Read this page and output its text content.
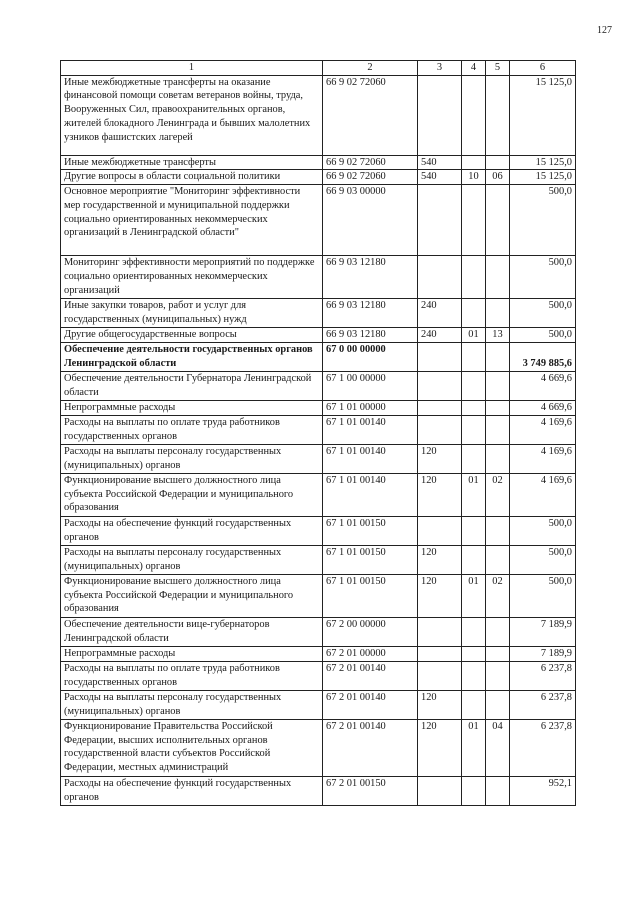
127
1	2	3	4	5	6
Иные межбюджетные трансферты на оказание финансовой помощи советам ветеранов войны, труда, Вооруженных Сил, правоохранительных органов, жителей блокадного Ленинграда и бывших малолетних узников фашистских лагерей	66 9 02 72060				15 125,0
Иные межбюджетные трансферты	66 9 02 72060	540			15 125,0
Другие вопросы в области социальной политики	66 9 02 72060	540	10	06	15 125,0
Основное мероприятие "Мониторинг эффективности мер государственной и муниципальной поддержки социально ориентированных некоммерческих организаций в Ленинградской области"	66 9 03 00000				500,0
Мониторинг эффективности мероприятий по поддержке социально ориентированных некоммерческих организаций	66 9 03 12180				500,0
Иные закупки товаров, работ и услуг для государственных (муниципальных) нужд	66 9 03 12180	240			500,0
Другие общегосударственные вопросы	66 9 03 12180	240	01	13	500,0
Обеспечение деятельности государственных органов Ленинградской области	67 0 00 00000				3 749 885,6
Обеспечение деятельности Губернатора Ленинградской области	67 1 00 00000				4 669,6
Непрограммные расходы	67 1 01 00000				4 669,6
Расходы на выплаты по оплате труда работников государственных органов	67 1 01 00140				4 169,6
Расходы на выплаты персоналу государственных (муниципальных) органов	67 1 01 00140	120			4 169,6
Функционирование высшего должностного лица субъекта Российской Федерации и муниципального образования	67 1 01 00140	120	01	02	4 169,6
Расходы на обеспечение функций государственных органов	67 1 01 00150				500,0
Расходы на выплаты персоналу государственных (муниципальных) органов	67 1 01 00150	120			500,0
Функционирование высшего должностного лица субъекта Российской Федерации и муниципального образования	67 1 01 00150	120	01	02	500,0
Обеспечение деятельности вице-губернаторов Ленинградской области	67 2 00 00000				7 189,9
Непрограммные расходы	67 2 01 00000				7 189,9
Расходы на выплаты по оплате труда работников государственных органов	67 2 01 00140				6 237,8
Расходы на выплаты персоналу государственных (муниципальных) органов	67 2 01 00140	120			6 237,8
Функционирование Правительства Российской Федерации, высших исполнительных органов государственной власти субъектов Российской Федерации, местных администраций	67 2 01 00140	120	01	04	6 237,8
Расходы на обеспечение функций государственных органов	67 2 01 00150				952,1
